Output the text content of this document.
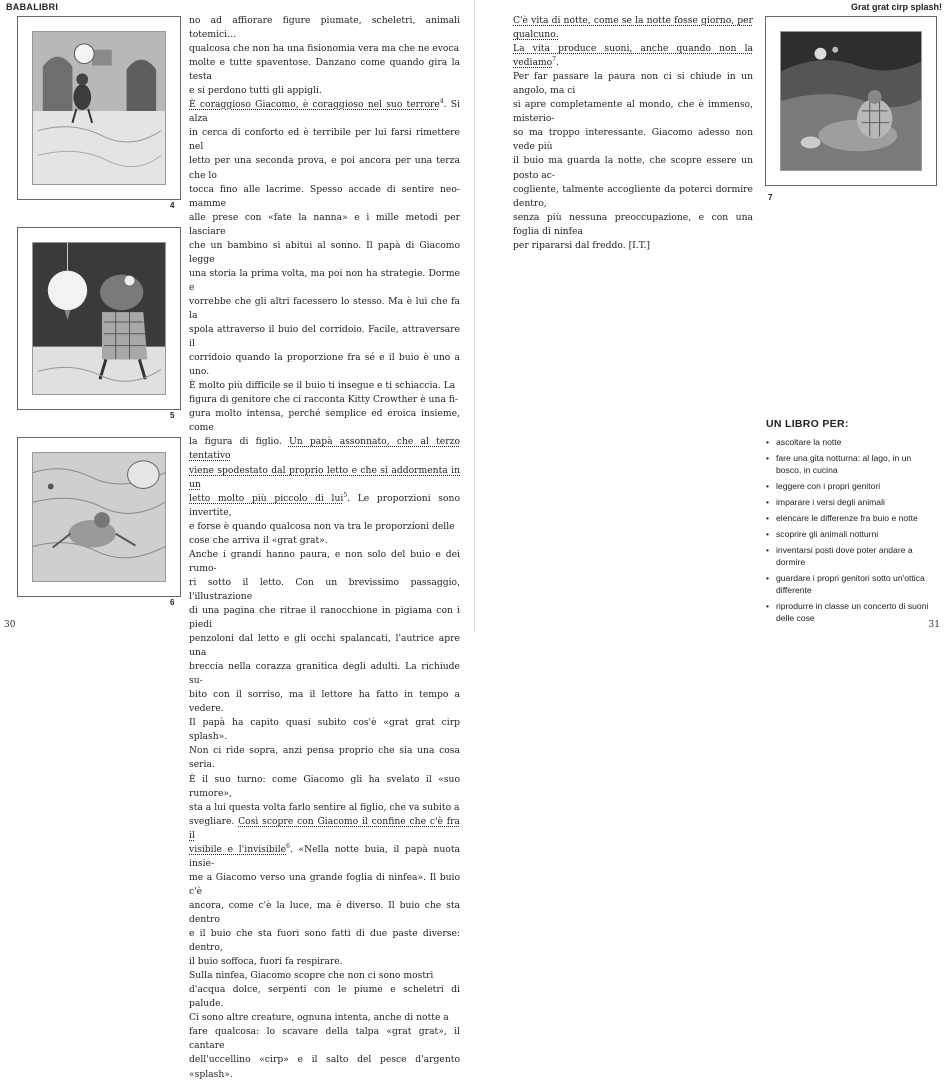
BABALIBRI	Grat grat cirp splash!
4
5
6

no ad affiorare figure piumate, scheletri, animali totemici…

qualcosa che non ha una fisionomia vera ma che ne evoca

molte e tutte spaventose. Danzano come quando gira la testa

e si perdono tutti gli appigli.

È coraggioso Giacomo, è coraggioso nel suo terrore$^4$. Si alza

in cerca di conforto ed è terribile per lui farsi rimettere nel

letto per una seconda prova, e poi ancora per una terza che lo

tocca fino alle lacrime. Spesso accade di sentire neo-mamme

alle prese con «fate la nanna» e i mille metodi per lasciare

che un bambino si abitui al sonno. Il papà di Giacomo legge

una storia la prima volta, ma poi non ha strategie. Dorme e

vorrebbe che gli altri facessero lo stesso. Ma è lui che fa la

spola attraverso il buio del corridoio. Facile, attraversare il

corridoio quando la proporzione fra sé e il buio è uno a uno.

È molto più difficile se il buio ti insegue e ti schiaccia. La

figura di genitore che ci racconta Kitty Crowther è una fi-

gura molto intensa, perché semplice ed eroica insieme, come

la figura di figlio. Un papà assonnato, che al terzo tentativo

viene spodestato dal proprio letto e che si addormenta in un

letto molto più piccolo di lui$^5$. Le proporzioni sono invertite,

e forse è quando qualcosa non va tra le proporzioni delle

cose che arriva il «grat grat».

Anche i grandi hanno paura, e non solo del buio e dei rumo-

ri sotto il letto. Con un brevissimo passaggio, l'illustrazione

di una pagina che ritrae il ranocchione in pigiama con i piedi

penzoloni dal letto e gli occhi spalancati, l'autrice apre una

breccia nella corazza granitica degli adulti. La richiude su-

bito con il sorriso, ma il lettore ha fatto in tempo a vedere.

Il papà ha capito quasi subito cos'è «grat grat cirp splash».

Non ci ride sopra, anzi pensa proprio che sia una cosa seria.

È il suo turno: come Giacomo gli ha svelato il «suo rumore»,

sta a lui questa volta farlo sentire al figlio, che va subito a

svegliare. Così scopre con Giacomo il confine che c'è fra il

visibile e l'invisibile$^6$. «Nella notte buia, il papà nuota insie-

me a Giacomo verso una grande foglia di ninfea». Il buio c'è

ancora, come c'è la luce, ma è diverso. Il buio che sta dentro

e il buio che sta fuori sono fatti di due paste diverse: dentro,

il buio soffoca, fuori fa respirare.

Sulla ninfea, Giacomo scopre che non ci sono mostri

d'acqua dolce, serpenti con le piume e scheletri di palude.

Ci sono altre creature, ognuna intenta, anche di notte a

fare qualcosa: lo scavare della talpa «grat grat», il cantare

dell'uccellino «cirp» e il salto del pesce d'argento «splash».

C'è vita di notte, come se la notte fosse giorno, per qualcuno.

La vita produce suoni, anche quando non la vediamo$^7$.

Per far passare la paura non ci si chiude in un angolo, ma ci

si apre completamente al mondo, che è immenso, misterio-

so ma troppo interessante. Giacomo adesso non vede più

il buio ma guarda la notte, che scopre essere un posto ac-

cogliente, talmente accogliente da poterci dormire dentro,

senza più nessuna preoccupazione, e con una foglia di ninfea

per ripararsi dal freddo. [I.T.]

7
UN LIBRO PER:
• ascoltare la notte
• fare una gita notturna: al lago, in un bosco, in cucina
• leggere con i propri genitori
• imparare i versi degli animali
• elencare le differenze fra buio e notte
• scoprire gli animali notturni
• inventarsi posti dove poter andare a dormire
• guardare i propri genitori sotto un'ottica differente
• riprodurre in classe un concerto di suoni delle cose
30	31
